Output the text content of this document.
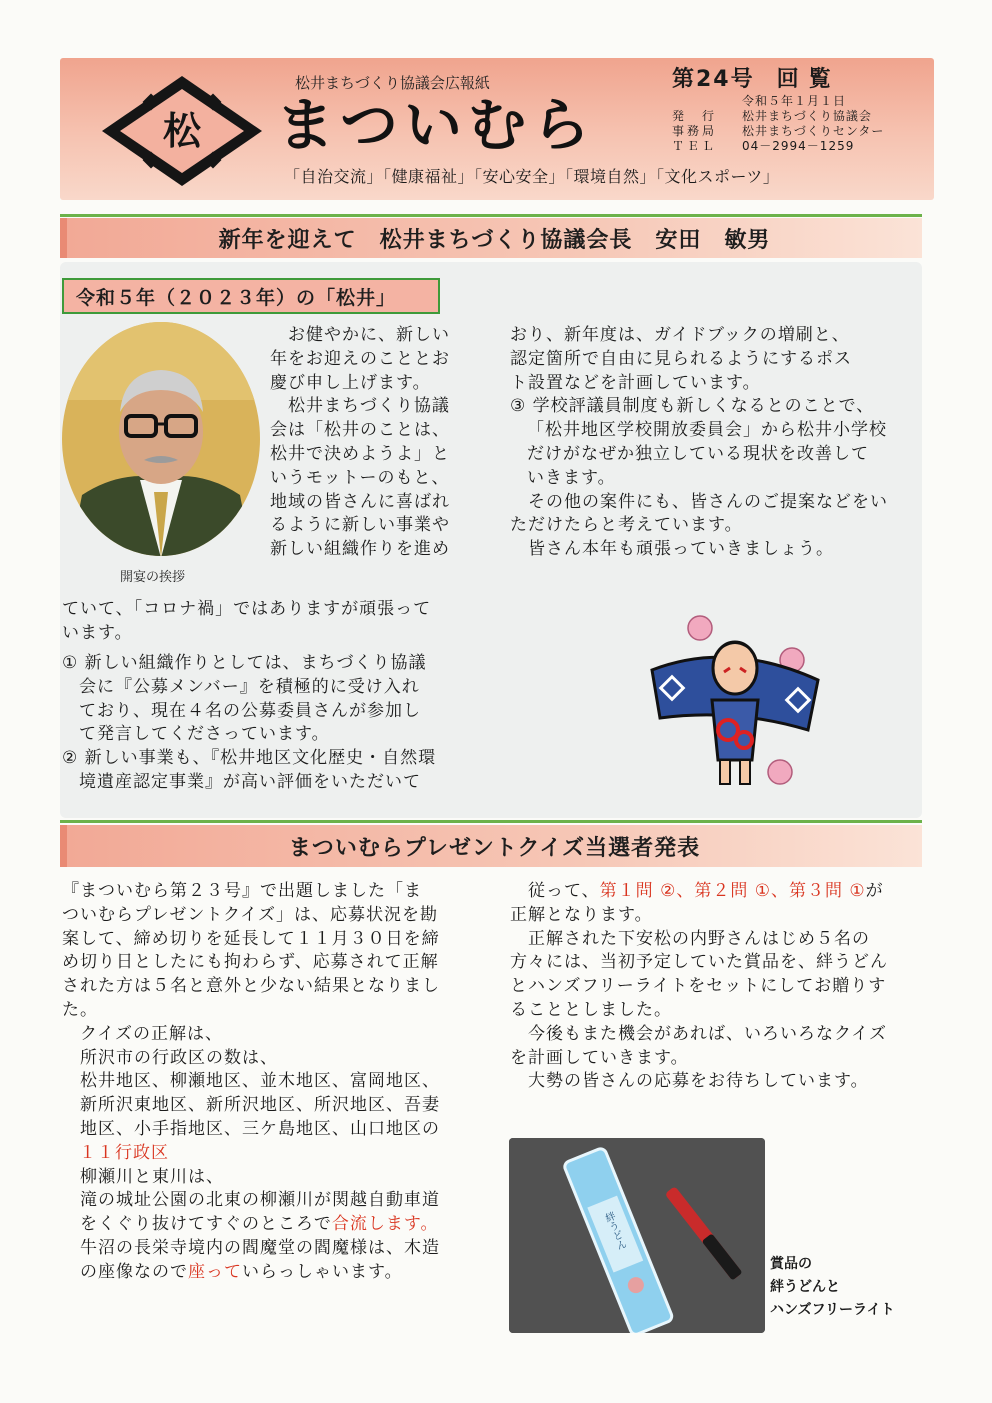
松
松井まちづくり協議会広報紙
まついむら
「自治交流」「健康福祉」「安心安全」「環境自然」「文化スポーツ」
第24号 回覧
令和５年１月１日
発　行	松井まちづくり協議会
事務局	松井まちづくりセンター
ＴＥＬ	04－2994－1259
新年を迎えて　松井まちづくり協議会長　安田　敏男
令和５年（２０２３年）の「松井」
開宴の挨拶

　お健やかに、新しい

年をお迎えのこととお

慶び申し上げます。

　松井まちづくり協議

会は「松井のことは、

松井で決めようよ」と

いうモットーのもと、

地域の皆さんに喜ばれ

るように新しい事業や

新しい組織作りを進め

ていて、「コロナ禍」ではありますが頑張って

います。

① 新しい組織作りとしては、まちづくり協議

会に『公募メンバー』を積極的に受け入れ

ており、現在４名の公募委員さんが参加し

て発言してくださっています。

② 新しい事業も、『松井地区文化歴史・自然環

境遺産認定事業』が高い評価をいただいて

おり、新年度は、ガイドブックの増刷と、

認定箇所で自由に見られるようにするポス

ト設置などを計画しています。

③ 学校評議員制度も新しくなるとのことで、

「松井地区学校開放委員会」から松井小学校

だけがなぜか独立している現状を改善して

いきます。

　その他の案件にも、皆さんのご提案などをい

ただけたらと考えています。

　皆さん本年も頑張っていきましょう。

まついむらプレゼントクイズ当選者発表

『まついむら第２３号』で出題しました「ま

ついむらプレゼントクイズ」は、応募状況を勘

案して、締め切りを延長して１１月３０日を締

め切り日としたにも拘わらず、応募されて正解

された方は５名と意外と少ない結果となりまし

た。

　クイズの正解は、

　所沢市の行政区の数は、

　松井地区、柳瀬地区、並木地区、富岡地区、

　新所沢東地区、新所沢地区、所沢地区、吾妻

　地区、小手指地区、三ケ島地区、山口地区の

１１行政区

　柳瀬川と東川は、

　滝の城址公園の北東の柳瀬川が関越自動車道

　をくぐり抜けてすぐのところで合流します。

　牛沼の長栄寺境内の閻魔堂の閻魔様は、木造

　の座像なので座っていらっしゃいます。

　従って、第１問 ②、第２問 ①、第３問 ①が

正解となります。

　正解された下安松の内野さんはじめ５名の

方々には、当初予定していた賞品を、絆うどん

とハンズフリーライトをセットにしてお贈りす

ることとしました。

　今後もまた機会があれば、いろいろなクイズ

を計画していきます。

　大勢の皆さんの応募をお待ちしています。

絆うどん

賞品の

絆うどんと

ハンズフリーライト
